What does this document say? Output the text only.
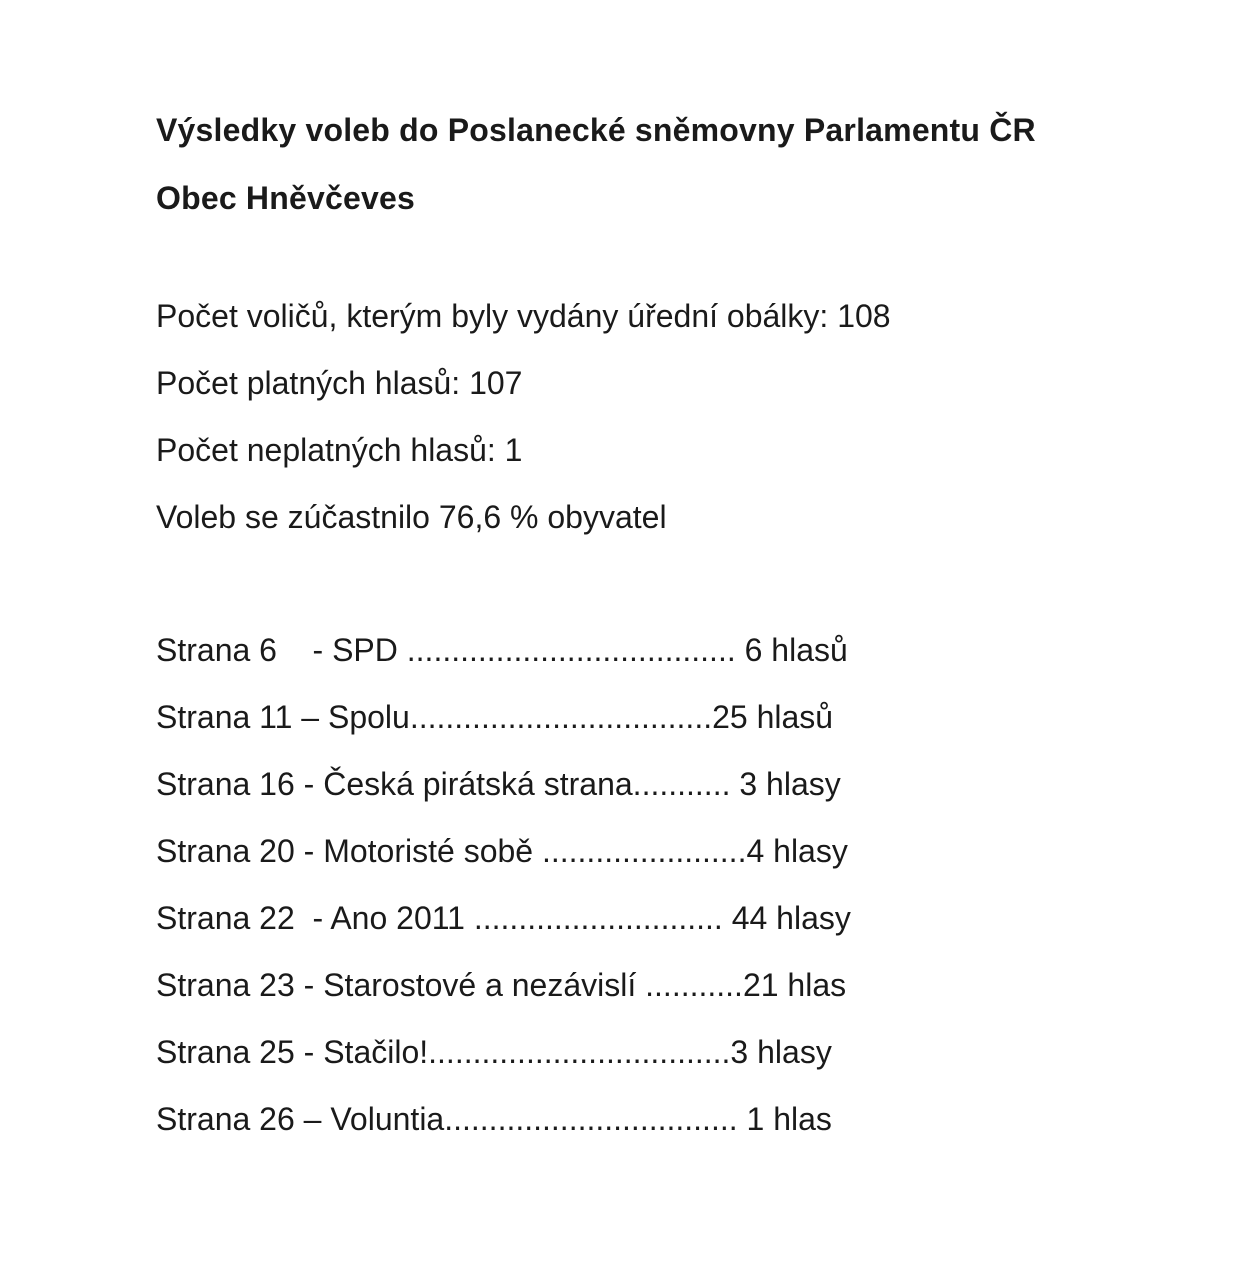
Výsledky voleb do Poslanecké sněmovny Parlamentu ČR
Obec Hněvčeves
Počet voličů, kterým byly vydány úřední obálky: 108
Počet platných hlasů: 107
Počet neplatných hlasů: 1
Voleb se zúčastnilo 76,6 % obyvatel
Strana 6    - SPD ..................................... 6 hlasů
Strana 11 – Spolu..................................25 hlasů
Strana 16 - Česká pirátská strana........... 3 hlasy
Strana 20 - Motoristé sobě .......................4 hlasy
Strana 22  - Ano 2011 ............................ 44 hlasy
Strana 23 - Starostové a nezávislí ...........21 hlas
Strana 25 - Stačilo!..................................3 hlasy
Strana 26 – Voluntia................................. 1 hlas
